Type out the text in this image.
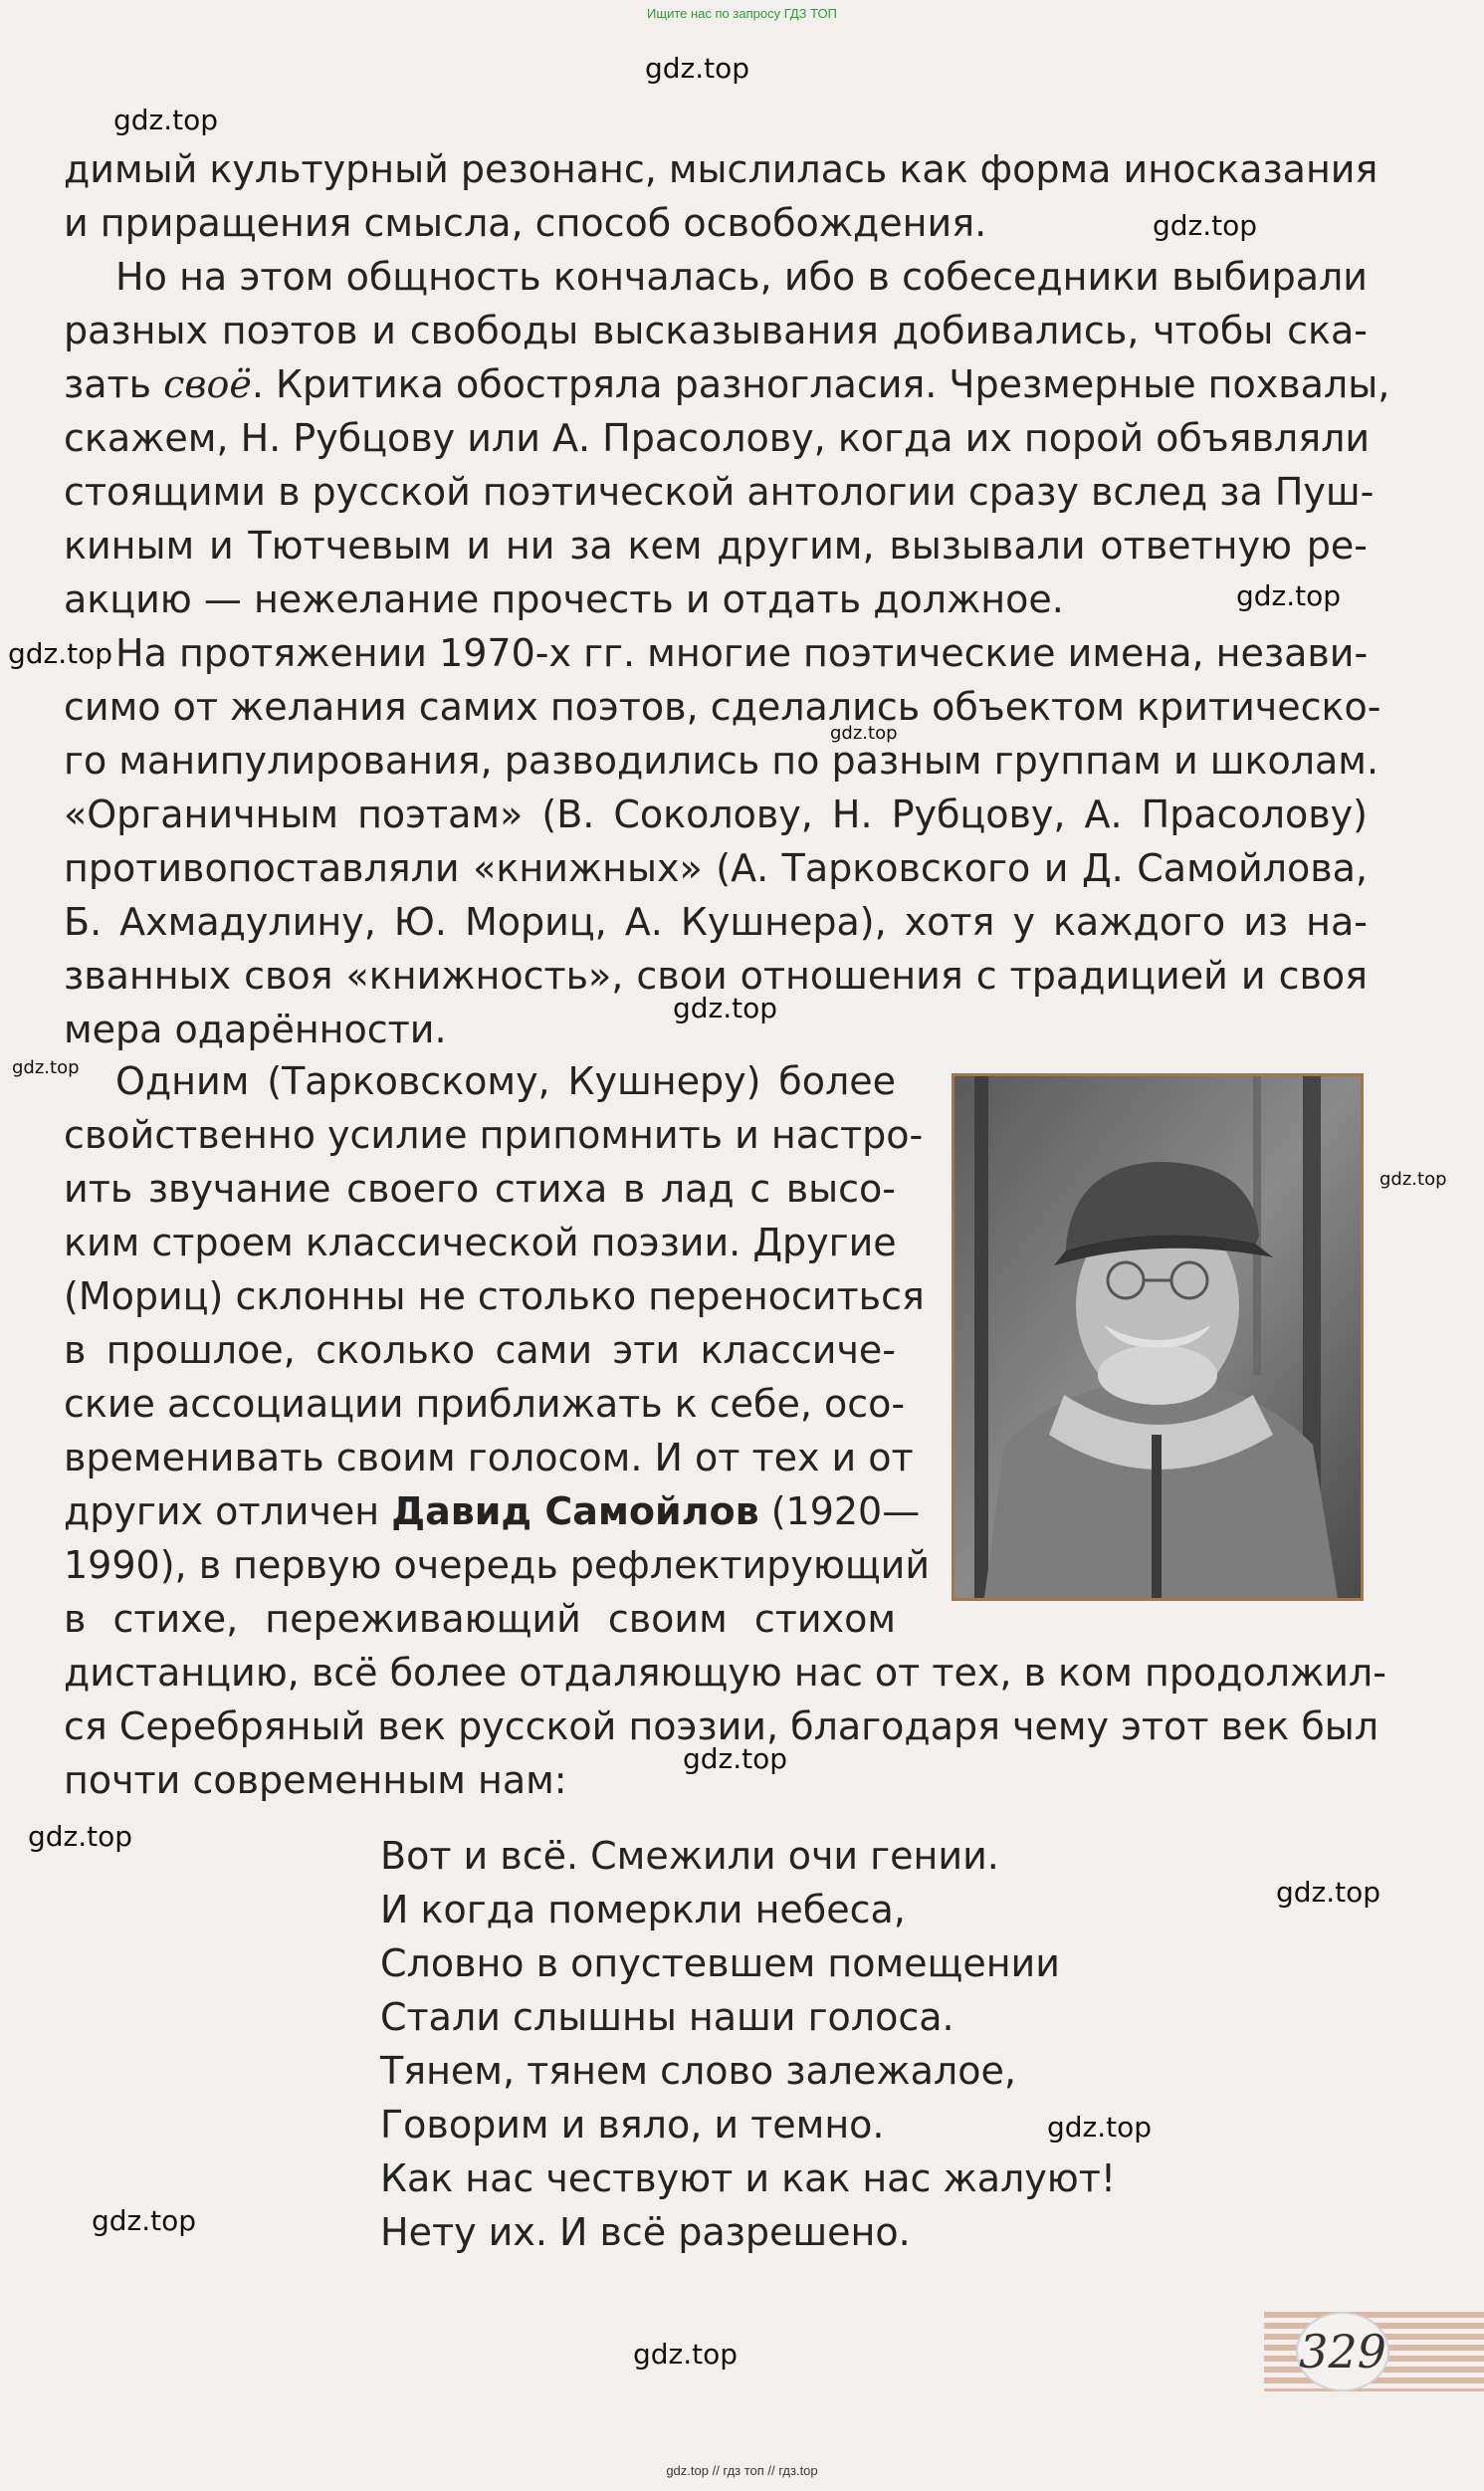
Ищите нас по запросу ГДЗ ТОП
gdz.top
gdz.top
gdz.top
gdz.top
gdz.top
gdz.top
gdz.top
gdz.top
gdz.top
gdz.top
gdz.top
gdz.top
gdz.top
gdz.top
gdz.top
димый культурный резонанс, мыслилась как форма иносказания
и приращения смысла, способ освобождения.
Но на этом общность кончалась, ибо в собеседники выбирали
разных поэтов и свободы высказывания добивались, чтобы ска-
зать своё. Критика обостряла разногласия. Чрезмерные похвалы,
скажем, Н. Рубцову или А. Прасолову, когда их порой объявляли
стоящими в русской поэтической антологии сразу вслед за Пуш-
киным и Тютчевым и ни за кем другим, вызывали ответную ре-
акцию — нежелание прочесть и отдать должное.
На протяжении 1970-х гг. многие поэтические имена, незави-
симо от желания самих поэтов, сделались объектом критическо-
го манипулирования, разводились по разным группам и школам.
«Органичным поэтам» (В. Соколову, Н. Рубцову, А. Прасолову)
противопоставляли «книжных» (А. Тарковского и Д. Самойлова,
Б. Ахмадулину, Ю. Мориц, А. Кушнера), хотя у каждого из на-
званных своя «книжность», свои отношения с традицией и своя
мера одарённости.
Одним (Тарковскому, Кушнеру) более
свойственно усилие припомнить и настро-
ить звучание своего стиха в лад с высо-
ким строем классической поэзии. Другие
(Мориц) склонны не столько переноситься
в прошлое, сколько сами эти классиче-
ские ассоциации приближать к себе, осо-
временивать своим голосом. И от тех и от
других отличен Давид Самойлов (1920—
1990), в первую очередь рефлектирующий
в стихе, переживающий своим стихом
дистанцию, всё более отдаляющую нас от тех, в ком продолжил-
ся Серебряный век русской поэзии, благодаря чему этот век был
почти современным нам:
Вот и всё. Смежили очи гении.
И когда померкли небеса,
Словно в опустевшем помещении
Стали слышны наши голоса.
Тянем, тянем слово залежалое,
Говорим и вяло, и темно.
Как нас чествуют и как нас жалуют!
Нету их. И всё разрешено.
329
gdz.top // гдз топ // гдз.top
